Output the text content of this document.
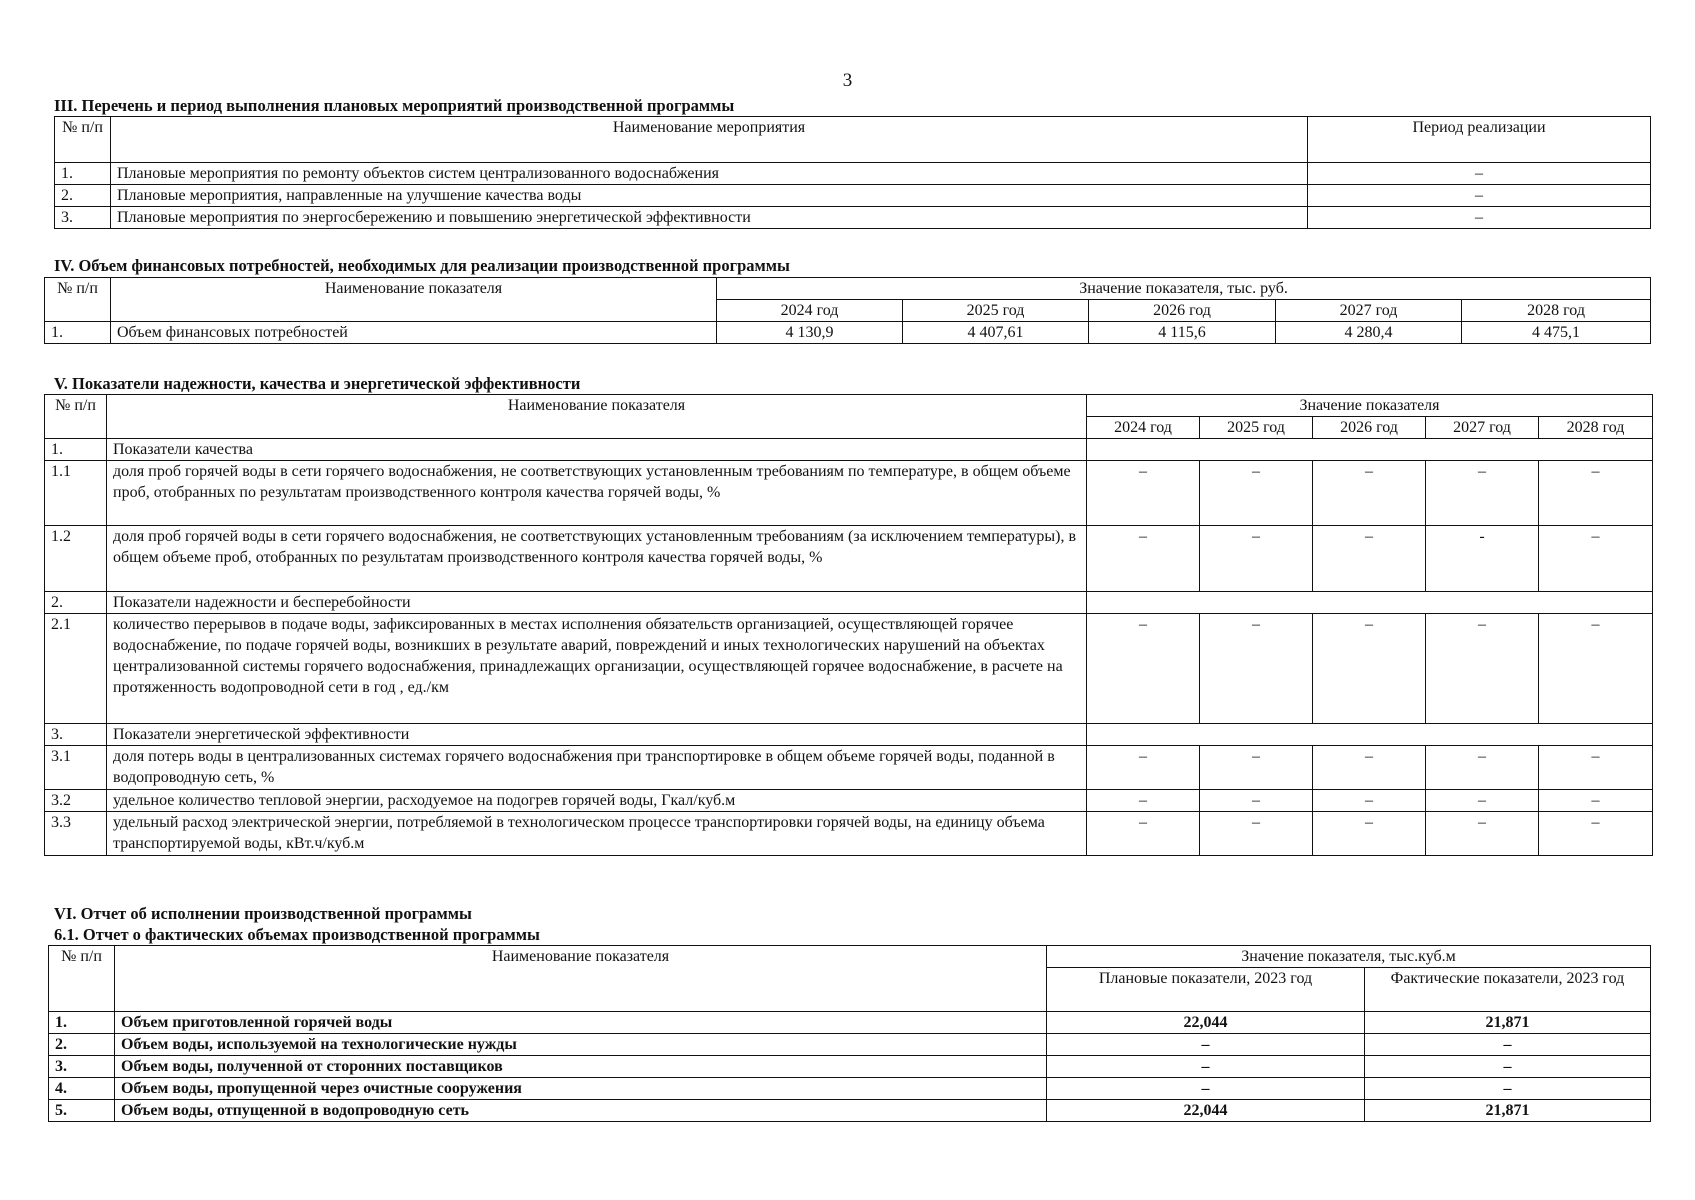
3
III. Перечень и период выполнения плановых мероприятий производственной программы
№ п/п	Наименование мероприятия	Период реализации
1.	Плановые мероприятия по ремонту объектов систем централизованного водоснабжения	–
2.	Плановые мероприятия, направленные на улучшение качества воды	–
3.	Плановые мероприятия по энергосбережению и повышению энергетической эффективности	–
IV. Объем финансовых потребностей, необходимых для реализации производственной программы
№ п/п	Наименование показателя	Значение показателя, тыс. руб.				
		2024 год	2025 год	2026 год	2027 год	2028 год
1.	Объем финансовых потребностей	4 130,9	4 407,61	4 115,6	4 280,4	4 475,1
V. Показатели надежности, качества и энергетической эффективности
№ п/п	Наименование показателя	Значение показателя				
		2024 год	2025 год	2026 год	2027 год	2028 год
1.	Показатели качества					
1.1	доля проб горячей воды в сети горячего водоснабжения, не соответствующих установленным требованиям по температуре, в общем объеме проб, отобранных по результатам производственного контроля качества горячей воды, %	–	–	–	–	–
1.2	доля проб горячей воды в сети горячего водоснабжения, не соответствующих установленным требованиям (за исключением температуры), в общем объеме проб, отобранных по результатам производственного контроля качества горячей воды, %	–	–	–	-	–
2.	Показатели надежности и бесперебойности					
2.1	количество перерывов в подаче воды, зафиксированных в местах исполнения обязательств организацией, осуществляющей горячее водоснабжение, по подаче горячей воды, возникших в результате аварий, повреждений и иных технологических нарушений на объектах централизованной системы горячего водоснабжения, принадлежащих организации, осуществляющей горячее водоснабжение, в расчете на протяженность водопроводной сети в год , ед./км	–	–	–	–	–
3.	Показатели энергетической эффективности					
3.1	доля потерь воды в централизованных системах горячего водоснабжения при транспортировке в общем объеме горячей воды, поданной в водопроводную сеть, %	–	–	–	–	–
3.2	удельное количество тепловой энергии, расходуемое на подогрев горячей воды, Гкал/куб.м	–	–	–	–	–
3.3	удельный расход электрической энергии, потребляемой в технологическом процессе транспортировки горячей воды, на единицу объема транспортируемой воды, кВт.ч/куб.м	–	–	–	–	–
VI. Отчет об исполнении производственной программы
6.1. Отчет о фактических объемах производственной программы
№ п/п	Наименование показателя	Значение показателя, тыс.куб.м	
		Плановые показатели, 2023 год	Фактические показатели, 2023 год
1.	Объем приготовленной горячей воды	22,044	21,871
2.	Объем воды, используемой на технологические нужды	–	–
3.	Объем воды, полученной от сторонних поставщиков	–	–
4.	Объем воды, пропущенной через очистные сооружения	–	–
5.	Объем воды, отпущенной в водопроводную сеть	22,044	21,871
